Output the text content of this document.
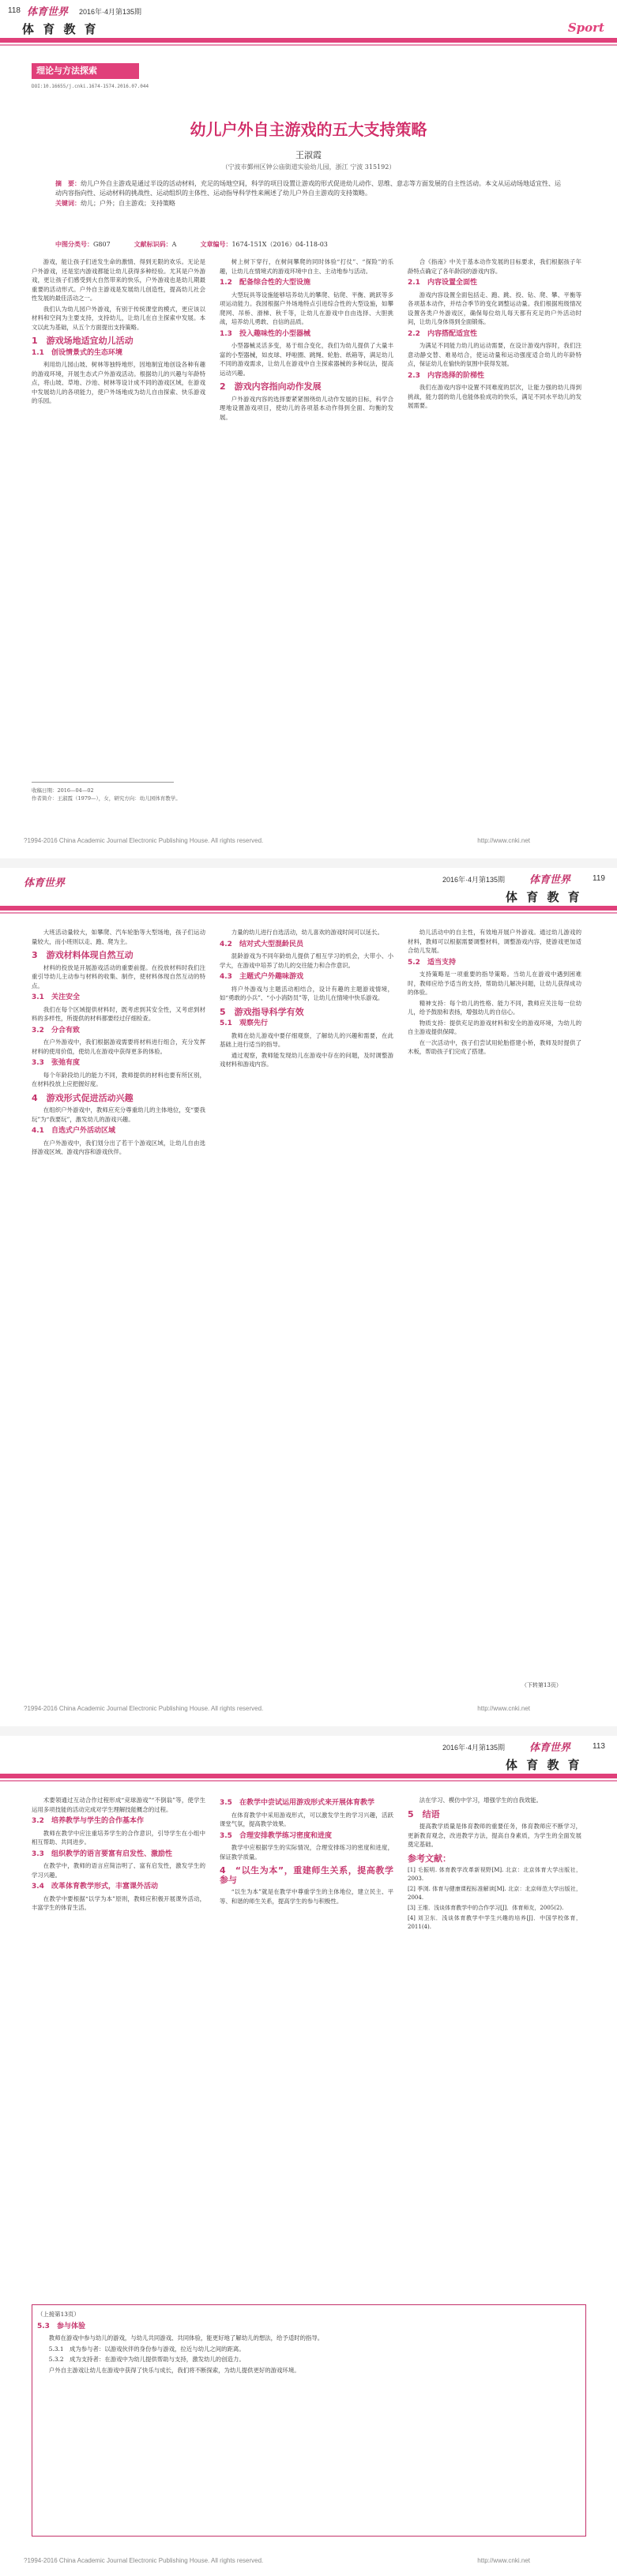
118 体育世界 2016年·4月第135期
体 育 教 育	Sport
理论与方法探索
DOI:10.16655/j.cnki.1674-1574.2016.07.044
幼儿户外自主游戏的五大支持策略
王淑霞
（宁波市鄞州区钟公庙街道实验幼儿园，浙江 宁波 315192）
摘　要：幼儿户外自主游戏是通过半设的活动材料，充足的场地空间，科学的项目设置让游戏的形式促进幼儿动作、思维、意志等方面发展的自主性活动。本文从运动场地适宜性、运动内容指向性、运动材料的挑战性、运动组织的主体性、运动指导科学性来阐述了幼儿户外自主游戏的支持策略。
关键词：幼儿；户外；自主游戏；支持策略
中图分类号：G807	文献标识码：A	文章编号：1674-151X（2016）04-118-03

游戏，能让孩子们迸发生命的激情、得到无限的欢乐。无论是户外游戏，还是室内游戏都能让幼儿获得多种经验。尤其是户外游戏，更让孩子们感受到大自然带来的快乐，户外游戏也是幼儿期最重要的活动形式。户外自主游戏是发展幼儿创造性，提高幼儿社会性发展的最佳活动之一。

我们认为幼儿园户外游戏，有别于传统课堂的模式，更应该以材料和空间为主要支持，支持幼儿，让幼儿在自主探索中发展。本文以此为基础，从五个方面提出支持策略。

1　游戏场地适宜幼儿活动
1.1　创设情景式的生态环境

利用幼儿园山坡、树林等独特地形，因地制宜地创设各种有趣的游戏环境，开展生态式户外游戏活动。根据幼儿的兴趣与年龄特点，将山坡、草地、沙池、树林等设计成不同的游戏区域，在游戏中发展幼儿的各项能力，使户外场地成为幼儿自由探索、快乐游戏的乐园。

树上树下穿行，在树间攀爬的同时体验“打仗”、“探险”的乐趣，让幼儿在情境式的游戏环境中自主、主动地参与活动。

1.2　配备综合性的大型设施

大型玩具等设施能够培养幼儿的攀爬、钻爬、平衡、跳跃等多项运动能力。我园根据户外场地特点引进综合性的大型设施，如攀爬网、吊桥、滑梯、秋千等，让幼儿在游戏中自由选择、大胆挑战，培养幼儿勇敢、自信的品质。

1.3　投入趣味性的小型器械

小型器械灵活多变，易于组合变化，我们为幼儿提供了大量丰富的小型器械，如皮球、呼啦圈、跳绳、轮胎、纸箱等，满足幼儿不同的游戏需求，让幼儿在游戏中自主探索器械的多种玩法，提高运动兴趣。

2　游戏内容指向动作发展

户外游戏内容的选择要紧紧围绕幼儿动作发展的目标，科学合理地设置游戏项目，使幼儿的各项基本动作得到全面、均衡的发展。

合《指南》中关于基本动作发展的目标要求，我们根据孩子年龄特点确定了各年龄段的游戏内容。

2.1　内容设置全面性

游戏内容设置全面包括走、跑、跳、投、钻、爬、攀、平衡等各项基本动作，并结合季节的变化调整运动量。我们根据班级情况设置各类户外游戏区，确保每位幼儿每天都有充足的户外活动时间，让幼儿身体得到全面锻炼。

2.2　内容搭配适宜性

为满足不同能力幼儿的运动需要，在设计游戏内容时，我们注意动静交替、难易结合，使运动量和运动强度适合幼儿的年龄特点，保证幼儿在愉快的氛围中获得发展。

2.3　内容选择的阶梯性

我们在游戏内容中设置不同难度的层次，让能力强的幼儿得到挑战，能力弱的幼儿也能体验成功的快乐，满足不同水平幼儿的发展需要。

收稿日期：2016—04—02
作者简介：王淑霞（1979—），女，研究方向：幼儿园体育教学。
?1994-2016 China Academic Journal Electronic Publishing House. All rights reserved.	http://www.cnki.net
体育世界	2016年·4月第135期 体育世界	119
体 育 教 育

大班活动量较大，如攀爬、汽车轮胎等大型场地，孩子们运动量较大，而小班则以走、跑、爬为主。

3　游戏材料体现自然互动

材料的投放是开展游戏活动的重要前提。在投放材料时我们注重引导幼儿主动参与材料的收集、制作，使材料体现自然互动的特点。

3.1　关注安全

我们在每个区域提供材料时，既考虑到其安全性，又考虑到材料的多样性，所提供的材料都要经过仔细检查。

3.2　分合有致

在户外游戏中，我们根据游戏需要将材料进行组合，充分发挥材料的使用价值，使幼儿在游戏中获得更多的体验。

3.3　张弛有度

每个年龄段幼儿的能力不同，教师提供的材料也要有所区别，在材料投放上应把握好度。

4　游戏形式促进活动兴趣

在组织户外游戏中，教师应充分尊重幼儿的主体地位，变“要我玩”为“我要玩”，激发幼儿的游戏兴趣。

4.1　自选式户外活动区域

在户外游戏中，我们划分出了若干个游戏区域，让幼儿自由选择游戏区域、游戏内容和游戏伙伴。

力量的幼儿进行自选活动，幼儿喜欢的游戏时间可以延长。

4.2　结对式大型混龄民员

混龄游戏为不同年龄幼儿提供了相互学习的机会，大带小、小学大，在游戏中培养了幼儿的交往能力和合作意识。

4.3　主题式户外趣味游戏

将户外游戏与主题活动相结合，设计有趣的主题游戏情境，如“勇敢的小兵”、“小小消防员”等，让幼儿在情境中快乐游戏。

5　游戏指导科学有效
5.1　观察先行

教师在幼儿游戏中要仔细观察，了解幼儿的兴趣和需要，在此基础上进行适当的指导。

通过观察，教师能发现幼儿在游戏中存在的问题，及时调整游戏材料和游戏内容。

幼儿活动中的自主性，有效地开展户外游戏。通过幼儿游戏的材料，教师可以根据需要调整材料，调整游戏内容，使游戏更加适合幼儿发展。

5.2　适当支持

支持策略是一项重要的指导策略。当幼儿在游戏中遇到困难时，教师应给予适当的支持，帮助幼儿解决问题，让幼儿获得成功的体验。

精神支持：每个幼儿的性格、能力不同，教师应关注每一位幼儿，给予鼓励和表扬，增强幼儿的自信心。

物质支持：提供充足的游戏材料和安全的游戏环境，为幼儿的自主游戏提供保障。

在一次活动中，孩子们尝试用轮胎搭建小桥，教师及时提供了木板，帮助孩子们完成了搭建。

（下转第13页）
?1994-2016 China Academic Journal Electronic Publishing House. All rights reserved.	http://www.cnki.net
2016年·4月第135期 体育世界	113
体 育 教 育

术要领通过互动合作过程形成“竞球游戏”“不倒翁”等，使学生运用多项技能的活动完成对学生理解技能概念的过程。

3.2　培养教学与学生的合作基本作

教师在教学中应注重培养学生的合作意识，引导学生在小组中相互帮助、共同进步。

3.3　组织教学的语言要富有启发性、激励性

在教学中，教师的语言应简洁明了、富有启发性，激发学生的学习兴趣。

3.4　改革体育教学形式，丰富课外活动

在教学中要根据“以学为本”原则，教师应积极开展课外活动，丰富学生的体育生活。

3.5　在教学中尝试运用游戏形式来开展体育教学

在体育教学中采用游戏形式，可以激发学生的学习兴趣，活跃课堂气氛，提高教学效果。

3.5　合理安排教学练习密度和进度

教学中应根据学生的实际情况，合理安排练习的密度和进度，保证教学质量。

4　“以生为本”，重建师生关系，提高教学参与

“以生为本”就是在教学中尊重学生的主体地位，建立民主、平等、和谐的师生关系，提高学生的参与积极性。

法在学习、模仿中学习，增强学生的自我效能。

5　结语

提高教学质量是体育教师的重要任务，体育教师应不断学习，更新教育观念，改进教学方法，提高自身素质，为学生的全面发展奠定基础。

参考文献：
[1] 毛振明. 体育教学改革新视野[M]. 北京：北京体育大学出版社，2003.
[2] 季浏. 体育与健康课程标准解读[M]. 北京：北京师范大学出版社，2004.
[3] 王维．浅谈体育教学中的合作学习[J]．体育师友，2005(2).
[4] 刘卫东．浅谈体育教学中学生兴趣的培养[J]．中国学校体育，2011(4).
（上接第13页）
5.3　参与体验

教师在游戏中参与幼儿的游戏，与幼儿共同游戏、共同体验，能更好地了解幼儿的想法，给予适时的指导。

5.3.1　成为参与者：以游戏伙伴的身份参与游戏，拉近与幼儿之间的距离。

5.3.2　成为支持者：在游戏中为幼儿提供帮助与支持，激发幼儿的创造力。

户外自主游戏让幼儿在游戏中获得了快乐与成长，我们将不断探索，为幼儿提供更好的游戏环境。

?1994-2016 China Academic Journal Electronic Publishing House. All rights reserved.	http://www.cnki.net
